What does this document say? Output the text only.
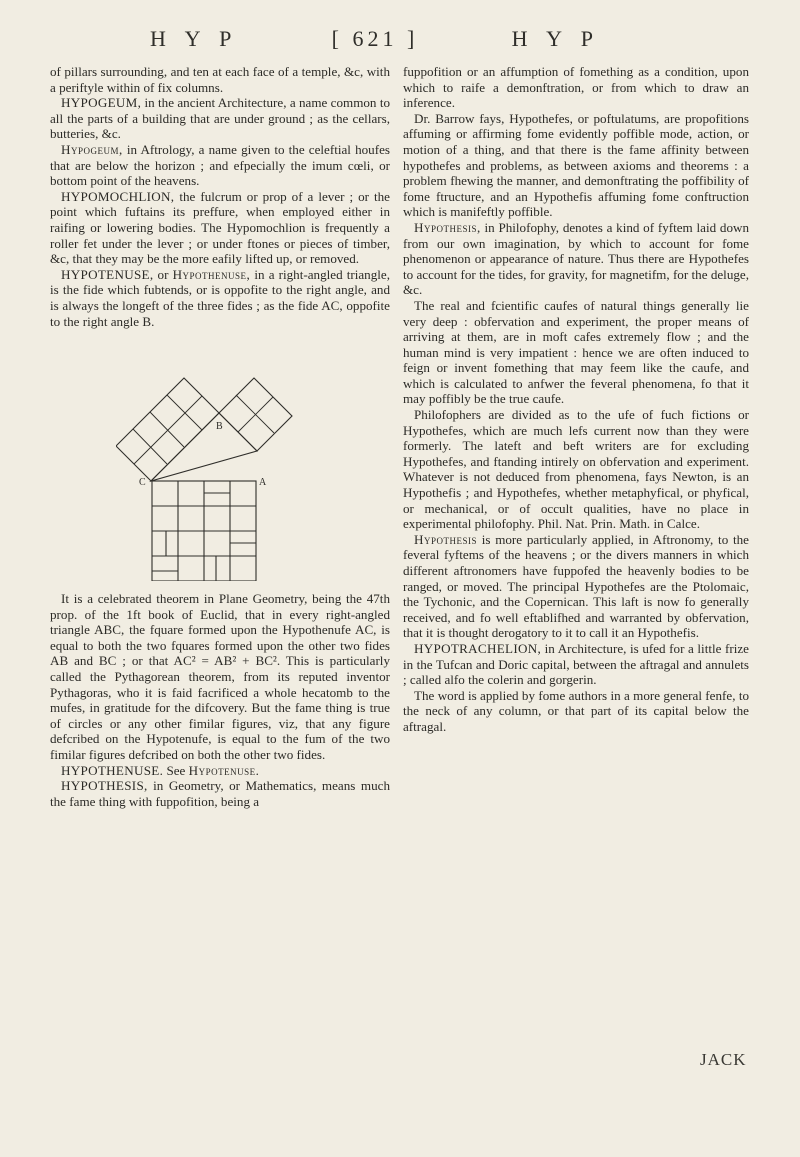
H Y P	[ 621 ]	H Y P

of pillars surrounding, and ten at each face of a temple, &c, with a periftyle within of fix columns.

HYPOGEUM, in the ancient Architecture, a name common to all the parts of a building that are under ground ; as the cellars, butteries, &c.

Hypogeum, in Aftrology, a name given to the celeftial houfes that are below the horizon ; and efpecially the imum cœli, or bottom point of the heavens.

HYPOMOCHLION, the fulcrum or prop of a lever ; or the point which fuftains its preffure, when employed either in raifing or lowering bodies. The Hypomochlion is frequently a roller fet under the lever ; or under ftones or pieces of timber, &c, that they may be the more eafily lifted up, or removed.

HYPOTENUSE, or Hypothenuse, in a right-angled triangle, is the fide which fubtends, or is oppofite to the right angle, and is always the longeft of the three fides ; as the fide AC, oppofite to the right angle B.

B
C	A

It is a celebrated theorem in Plane Geometry, being the 47th prop. of the 1ft book of Euclid, that in every right-angled triangle ABC, the fquare formed upon the Hypothenufe AC, is equal to both the two fquares formed upon the other two fides AB and BC ; or that AC² = AB² + BC². This is particularly called the Pythagorean theorem, from its reputed inventor Pythagoras, who it is faid facrificed a whole hecatomb to the mufes, in gratitude for the difcovery. But the fame thing is true of circles or any other fimilar figures, viz, that any figure defcribed on the Hypotenufe, is equal to the fum of the two fimilar figures defcribed on both the other two fides.

HYPOTHENUSE. See Hypotenuse.

HYPOTHESIS, in Geometry, or Mathematics, means much the fame thing with fuppofition, being a

fuppofition or an affumption of fomething as a condition, upon which to raife a demonftration, or from which to draw an inference.

Dr. Barrow fays, Hypothefes, or poftulatums, are propofitions affuming or affirming fome evidently poffible mode, action, or motion of a thing, and that there is the fame affinity between hypothefes and problems, as between axioms and theorems : a problem fhewing the manner, and demonftrating the poffibility of fome ftructure, and an Hypothefis affuming fome conftruction which is manifeftly poffible.

Hypothesis, in Philofophy, denotes a kind of fyftem laid down from our own imagination, by which to account for fome phenomenon or appearance of nature. Thus there are Hypothefes to account for the tides, for gravity, for magnetifm, for the deluge, &c.

The real and fcientific caufes of natural things generally lie very deep : obfervation and experiment, the proper means of arriving at them, are in moft cafes extremely flow ; and the human mind is very impatient : hence we are often induced to feign or invent fomething that may feem like the caufe, and which is calculated to anfwer the feveral phenomena, fo that it may poffibly be the true caufe.

Philofophers are divided as to the ufe of fuch fictions or Hypothefes, which are much lefs current now than they were formerly. The lateft and beft writers are for excluding Hypothefes, and ftanding intirely on obfervation and experiment. Whatever is not deduced from phenomena, fays Newton, is an Hypothefis ; and Hypothefes, whether metaphyfical, or phyfical, or mechanical, or of occult qualities, have no place in experimental philofophy. Phil. Nat. Prin. Math. in Calce.

Hypothesis is more particularly applied, in Aftronomy, to the feveral fyftems of the heavens ; or the divers manners in which different aftronomers have fuppofed the heavenly bodies to be ranged, or moved. The principal Hypothefes are the Ptolomaic, the Tychonic, and the Copernican. This laft is now fo generally received, and fo well eftablifhed and warranted by obfervation, that it is thought derogatory to it to call it an Hypothefis.

HYPOTRACHELION, in Architecture, is ufed for a little frize in the Tufcan and Doric capital, between the aftragal and annulets ; called alfo the colerin and gorgerin.

The word is applied by fome authors in a more general fenfe, to the neck of any column, or that part of its capital below the aftragal.

JACK
